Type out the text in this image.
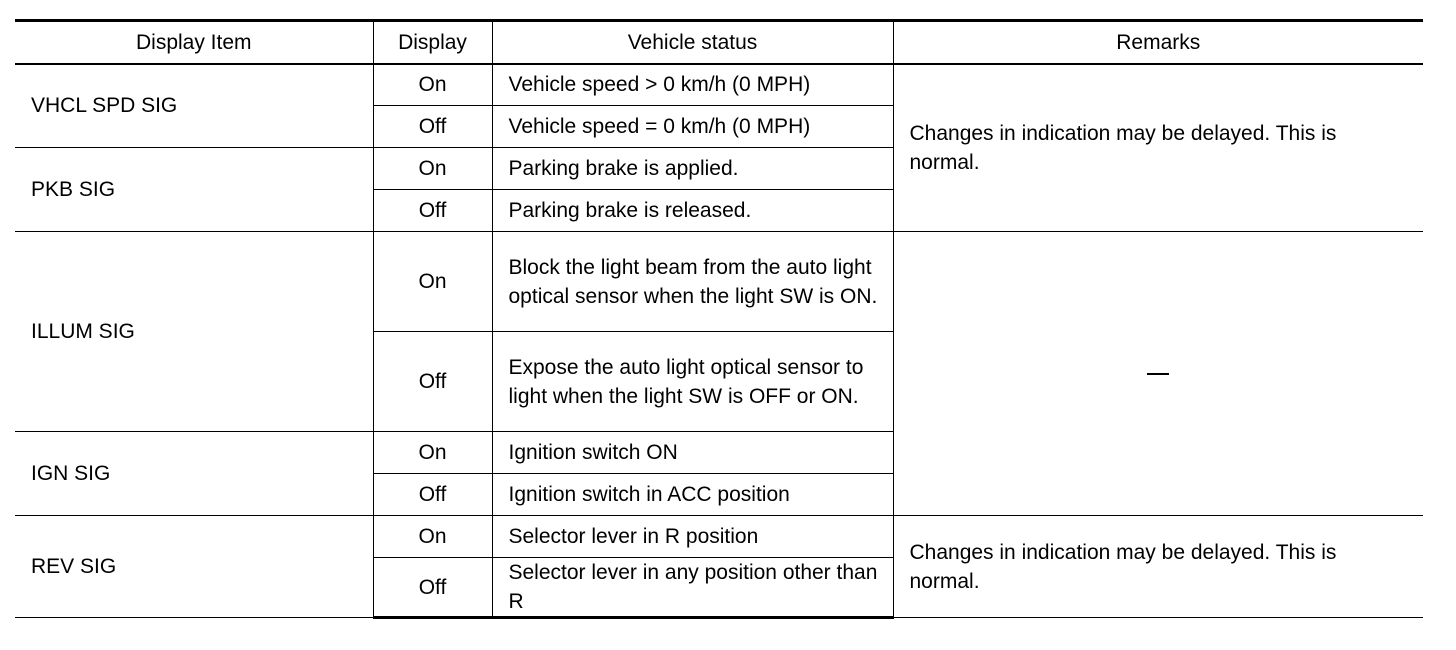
Display Item	Display	Vehicle status	Remarks
VHCL SPD SIG	On	Vehicle speed > 0 km/h (0 MPH)	Changes in indication may be delayed. This is normal.
	Off	Vehicle speed = 0 km/h (0 MPH)	
PKB SIG	On	Parking brake is applied.	
	Off	Parking brake is released.	
ILLUM SIG	On	Block the light beam from the auto light optical sensor when the light SW is ON.	
	Off	Expose the auto light optical sensor to light when the light SW is OFF or ON.	
IGN SIG	On	Ignition switch ON	
	Off	Ignition switch in ACC position	
REV SIG	On	Selector lever in R position	Changes in indication may be delayed. This is normal.
	Off	Selector lever in any position other than R	
